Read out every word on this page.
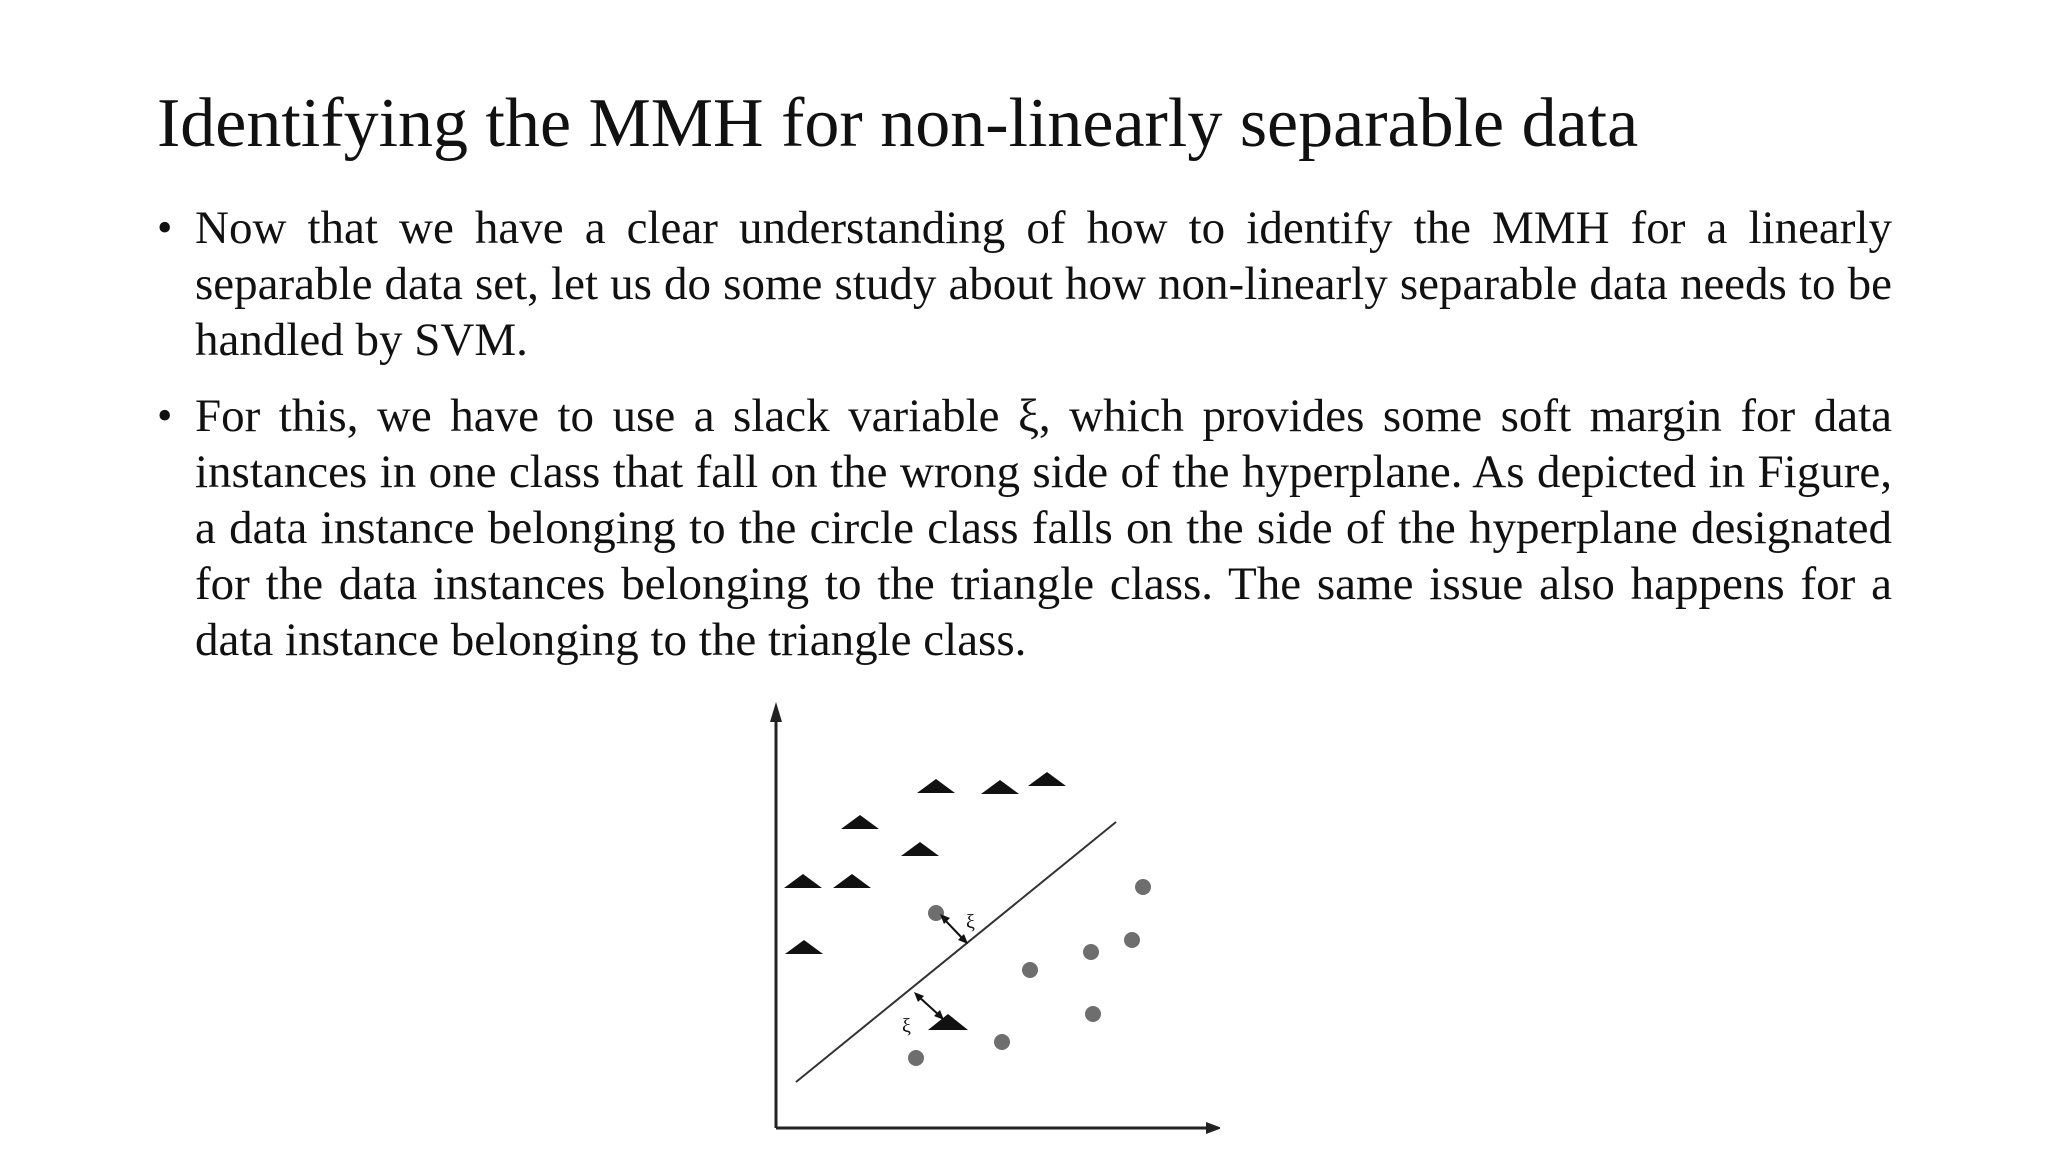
Identifying the MMH for non-linearly separable data
• Now that we have a clear understanding of how to identify the MMH for a linearly separable data set, let us do some study about how non-linearly separable data needs to be handled by SVM.
• For this, we have to use a slack variable ξ, which provides some soft margin for data instances in one class that fall on the wrong side of the hyperplane. As depicted in Figure, a data instance belonging to the circle class falls on the side of the hyperplane designated for the data instances belonging to the triangle class. The same issue also happens for a data instance belonging to the triangle class.
ξ
ξ
